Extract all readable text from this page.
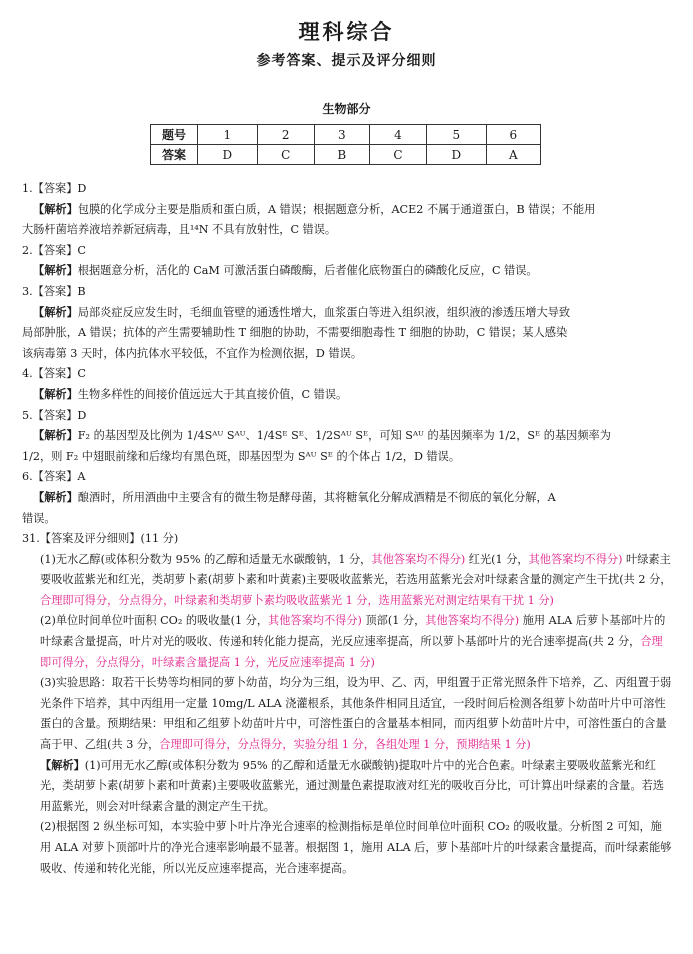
理科综合
参考答案、提示及评分细则
生物部分
题号	1	2	3	4	5	6
答案	D	C	B	C	D	A

1.【答案】D

【解析】包膜的化学成分主要是脂质和蛋白质，A 错误；根据题意分析，ACE2 不属于通道蛋白，B 错误；不能用

大肠杆菌培养液培养新冠病毒，且¹⁴N 不具有放射性，C 错误。

2.【答案】C

【解析】根据题意分析，活化的 CaM 可激活蛋白磷酸酶，后者催化底物蛋白的磷酸化反应，C 错误。

3.【答案】B

【解析】局部炎症反应发生时，毛细血管壁的通透性增大，血浆蛋白等进入组织液，组织液的渗透压增大导致

局部肿胀，A 错误；抗体的产生需要辅助性 T 细胞的协助，不需要细胞毒性 T 细胞的协助，C 错误；某人感染

该病毒第 3 天时，体内抗体水平较低，不宜作为检测依据，D 错误。

4.【答案】C

【解析】生物多样性的间接价值远远大于其直接价值，C 错误。

5.【答案】D

【解析】F₂ 的基因型及比例为 1/4Sᴬᵁ Sᴬᵁ、1/4Sᴱ Sᴱ、1/2Sᴬᵁ Sᴱ，可知 Sᴬᵁ 的基因频率为 1/2，Sᴱ 的基因频率为

1/2，则 F₂ 中翅眼前缘和后缘均有黑色斑，即基因型为 Sᴬᵁ Sᴱ 的个体占 1/2，D 错误。

6.【答案】A

【解析】酿酒时，所用酒曲中主要含有的微生物是酵母菌，其将糖氧化分解成酒精是不彻底的氧化分解，A

错误。

31.【答案及评分细则】(11 分)

(1)无水乙醇(或体积分数为 95% 的乙醇和适量无水碳酸钠，1 分，其他答案均不得分) 红光(1 分，其他答案均不得分) 叶绿素主要吸收蓝紫光和红光，类胡萝卜素(胡萝卜素和叶黄素)主要吸收蓝紫光，若选用蓝紫光会对叶绿素含量的测定产生干扰(共 2 分，合理即可得分，分点得分，叶绿素和类胡萝卜素均吸收蓝紫光 1 分，选用蓝紫光对测定结果有干扰 1 分)

(2)单位时间单位叶面积 CO₂ 的吸收量(1 分，其他答案均不得分) 顶部(1 分，其他答案均不得分) 施用 ALA 后萝卜基部叶片的叶绿素含量提高，叶片对光的吸收、传递和转化能力提高，光反应速率提高，所以萝卜基部叶片的光合速率提高(共 2 分，合理即可得分，分点得分，叶绿素含量提高 1 分，光反应速率提高 1 分)

(3)实验思路：取若干长势等均相同的萝卜幼苗，均分为三组，设为甲、乙、丙，甲组置于正常光照条件下培养，乙、丙组置于弱光条件下培养，其中丙组用一定量 10mg/L ALA 浇灌根系，其他条件相同且适宜，一段时间后检测各组萝卜幼苗叶片中可溶性蛋白的含量。预期结果：甲组和乙组萝卜幼苗叶片中，可溶性蛋白的含量基本相同，而丙组萝卜幼苗叶片中，可溶性蛋白的含量高于甲、乙组(共 3 分，合理即可得分，分点得分，实验分组 1 分，各组处理 1 分，预期结果 1 分)

【解析】(1)可用无水乙醇(或体积分数为 95% 的乙醇和适量无水碳酸钠)提取叶片中的光合色素。叶绿素主要吸收蓝紫光和红光，类胡萝卜素(胡萝卜素和叶黄素)主要吸收蓝紫光，通过测量色素提取液对红光的吸收百分比，可计算出叶绿素的含量。若选用蓝紫光，则会对叶绿素含量的测定产生干扰。

(2)根据图 2 纵坐标可知，本实验中萝卜叶片净光合速率的检测指标是单位时间单位叶面积 CO₂ 的吸收量。分析图 2 可知，施用 ALA 对萝卜顶部叶片的净光合速率影响最不显著。根据图 1，施用 ALA 后，萝卜基部叶片的叶绿素含量提高，而叶绿素能够吸收、传递和转化光能，所以光反应速率提高，光合速率提高。
